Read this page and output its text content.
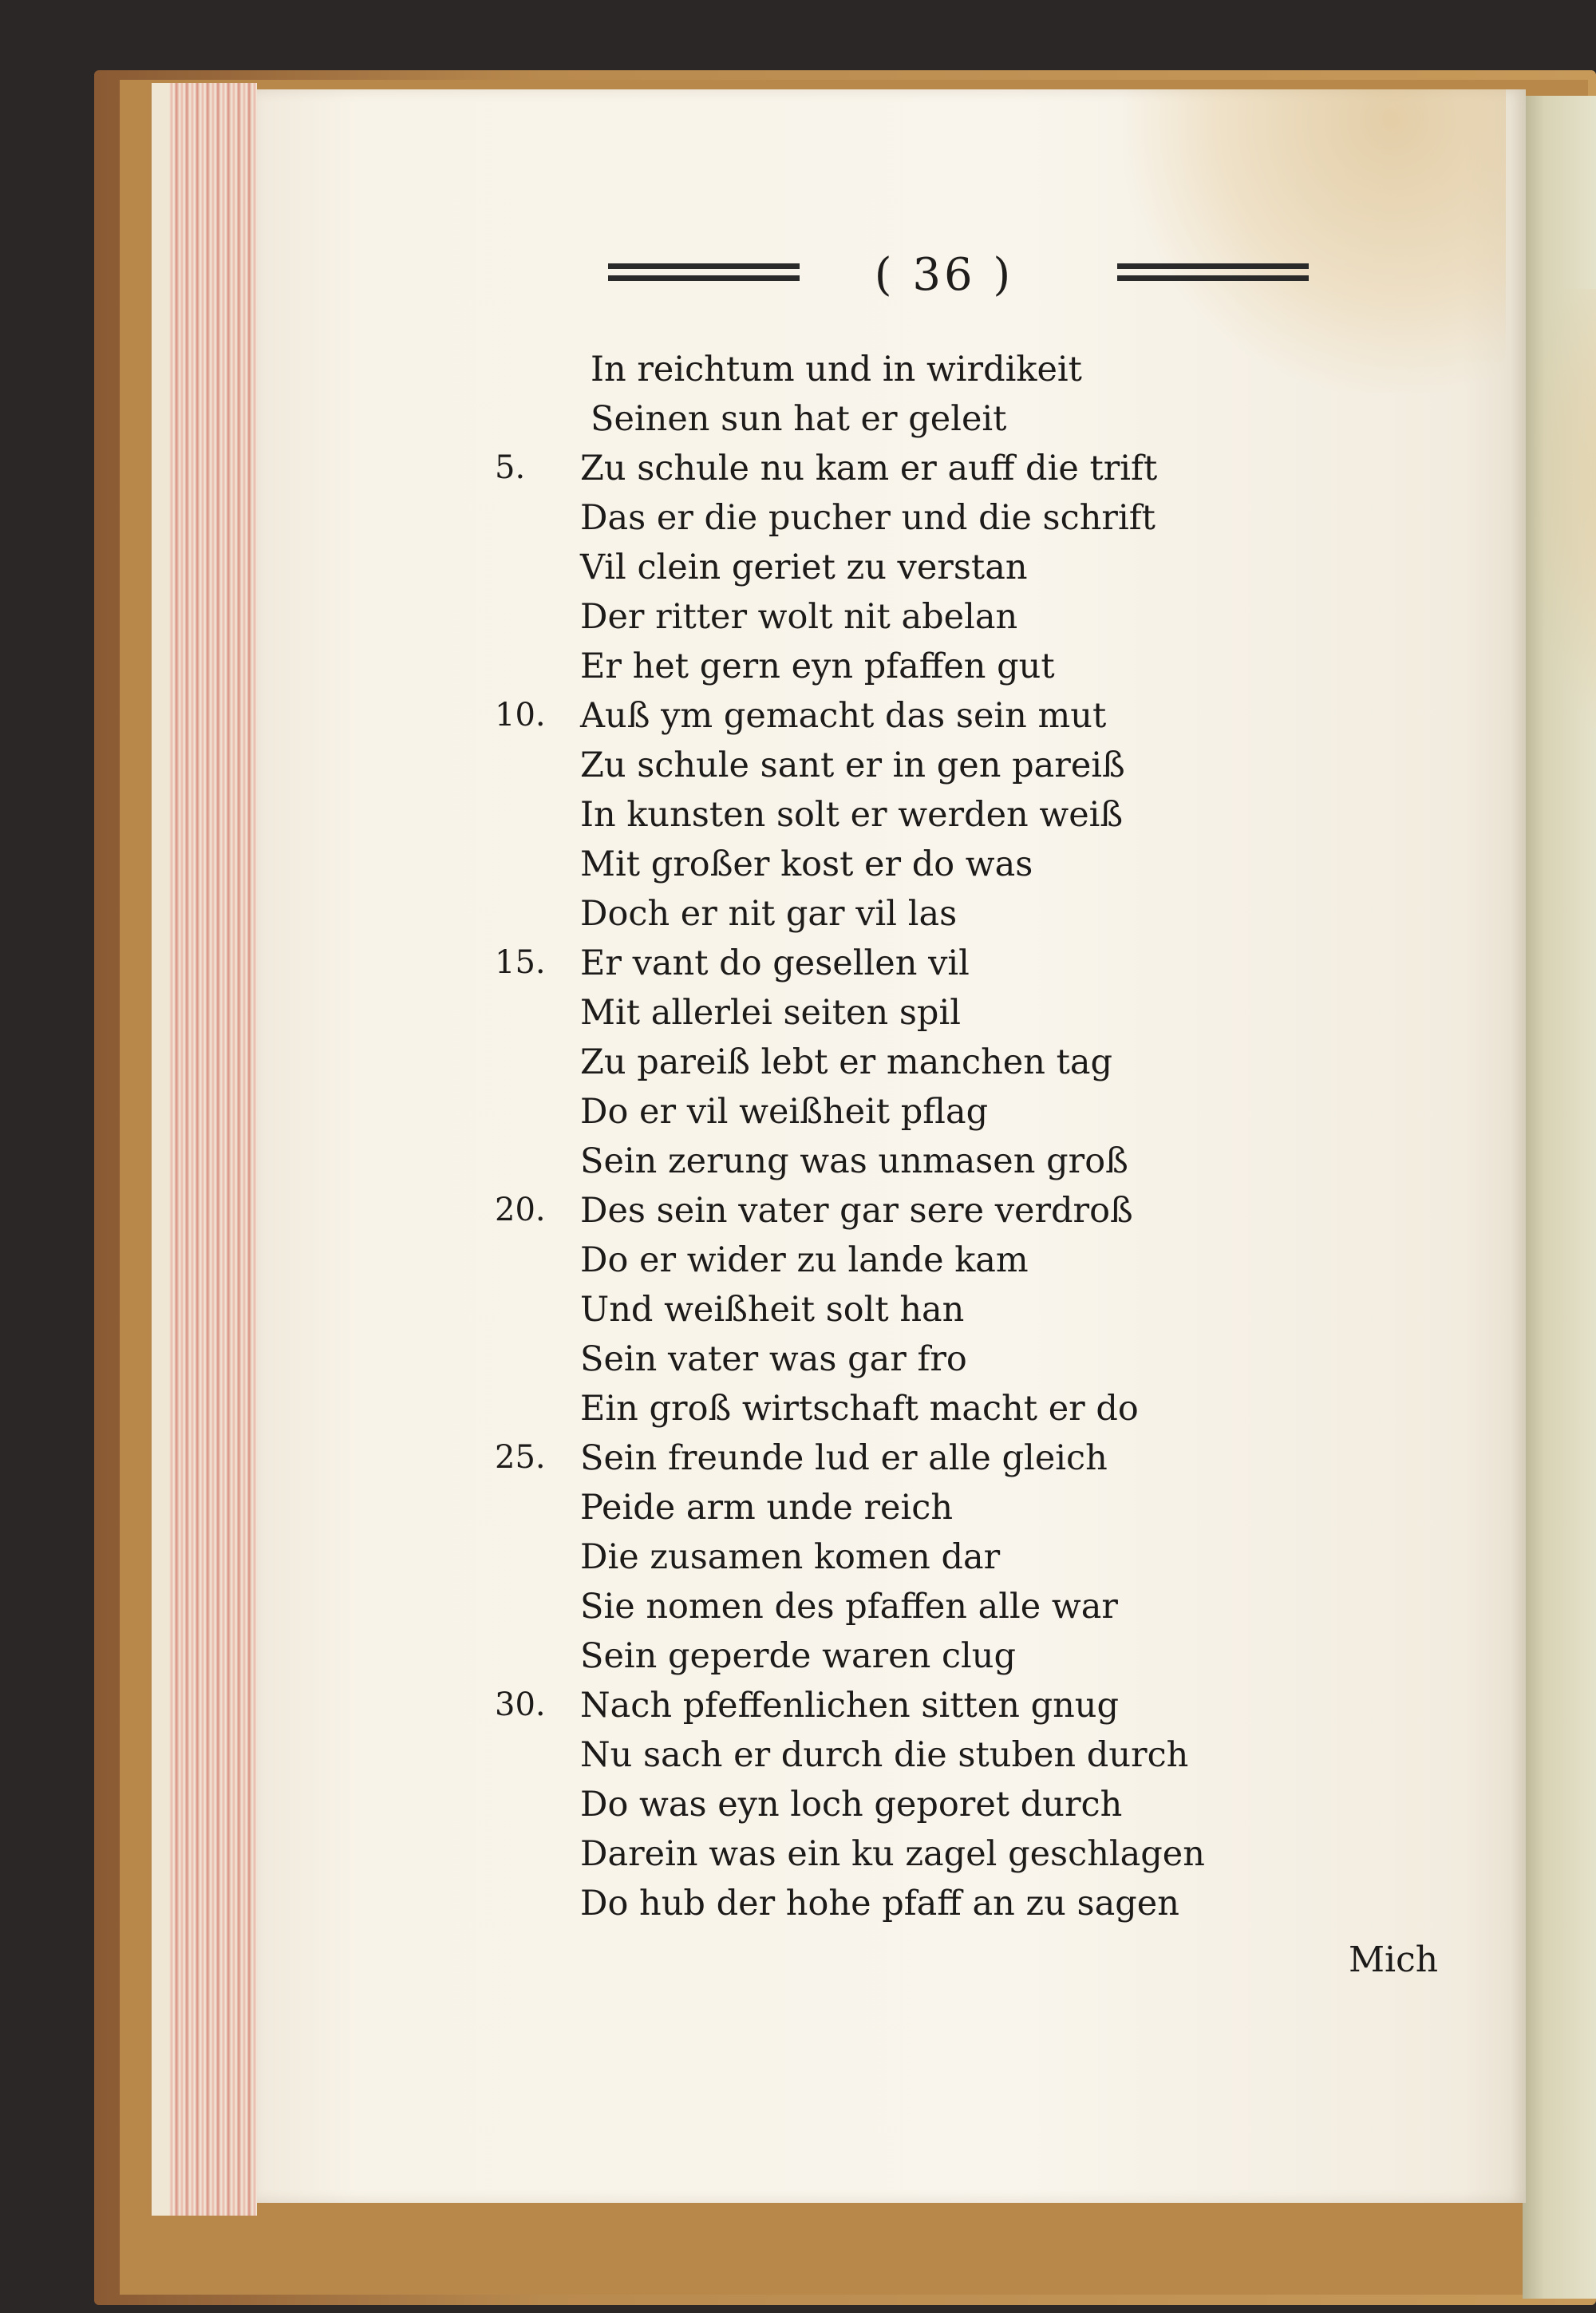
( 36 )
In reichtum und in wirdikeit
Seinen sun hat er geleit
5. Zu schule nu kam er auff die trift
Das er die pucher und die schrift
Vil clein geriet zu verstan
Der ritter wolt nit abelan
Er het gern eyn pfaffen gut
10. Auß ym gemacht das sein mut
Zu schule sant er in gen pareiß
In kunsten solt er werden weiß
Mit großer kost er do was
Doch er nit gar vil las
15. Er vant do gesellen vil
Mit allerlei seiten spil
Zu pareiß lebt er manchen tag
Do er vil weißheit pflag
Sein zerung was unmasen groß
20. Des sein vater gar sere verdroß
Do er wider zu lande kam
Und weißheit solt han
Sein vater was gar fro
Ein groß wirtschaft macht er do
25. Sein freunde lud er alle gleich
Peide arm unde reich
Die zusamen komen dar
Sie nomen des pfaffen alle war
Sein geperde waren clug
30. Nach pfeffenlichen sitten gnug
Nu sach er durch die stuben durch
Do was eyn loch geporet durch
Darein was ein ku zagel geschlagen
Do hub der hohe pfaff an zu sagen
Mich
